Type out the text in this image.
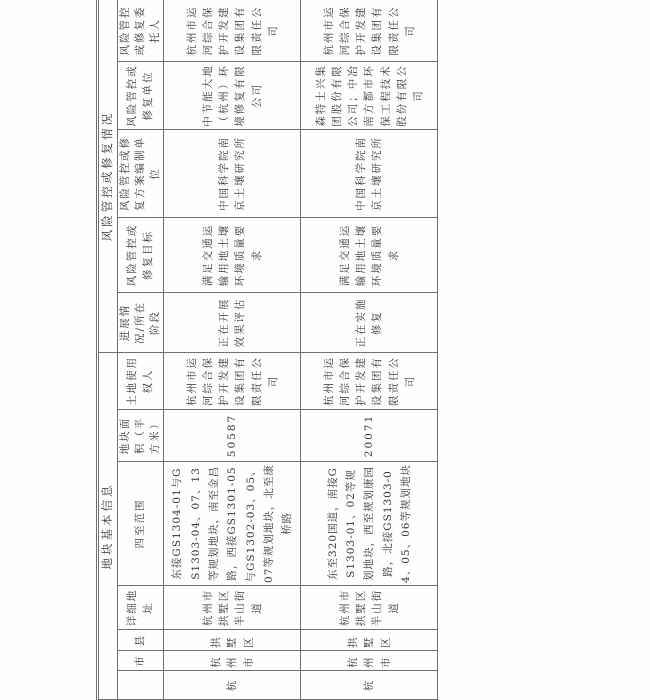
地块基本信息							风险管控或修复情况				
	市	县	详细地址	四至范围	地块面积（平方米）	土地使用权人	进展情况/所在阶段	风险管控或修复目标	风险管控或修复方案编制单位	风险管控或修复单位	风险管控或修复委托人
杭	杭州市	拱墅区	杭州市拱墅区半山街道	东接GS1304-01与GS1303-04、07、13等规划地块，南至金昌路，西接GS1301-05与GS1302-03、05、07等规划地块，北至康桥路	50587	杭州市运河综合保护开发建设集团有限责任公司	正在开展效果评估	满足交通运输用地土壤环境质量要求	中国科学院南京土壤研究所	中节能大地（杭州）环境修复有限公司	杭州市运河综合保护开发建设集团有限责任公司
杭	杭州市	拱墅区	杭州市拱墅区半山街道	东至320国道，南接GS1303-01、02等规划地块，西至规划康园路，北接GS1303-04、05、06等规划地块	20071	杭州市运河综合保护开发建设集团有限责任公司	正在实施修复	满足交通运输用地土壤环境质量要求	中国科学院南京土壤研究所	森特士兴集团股份有限公司；中冶南方都市环保工程技术股份有限公司	杭州市运河综合保护开发建设集团有限责任公司
